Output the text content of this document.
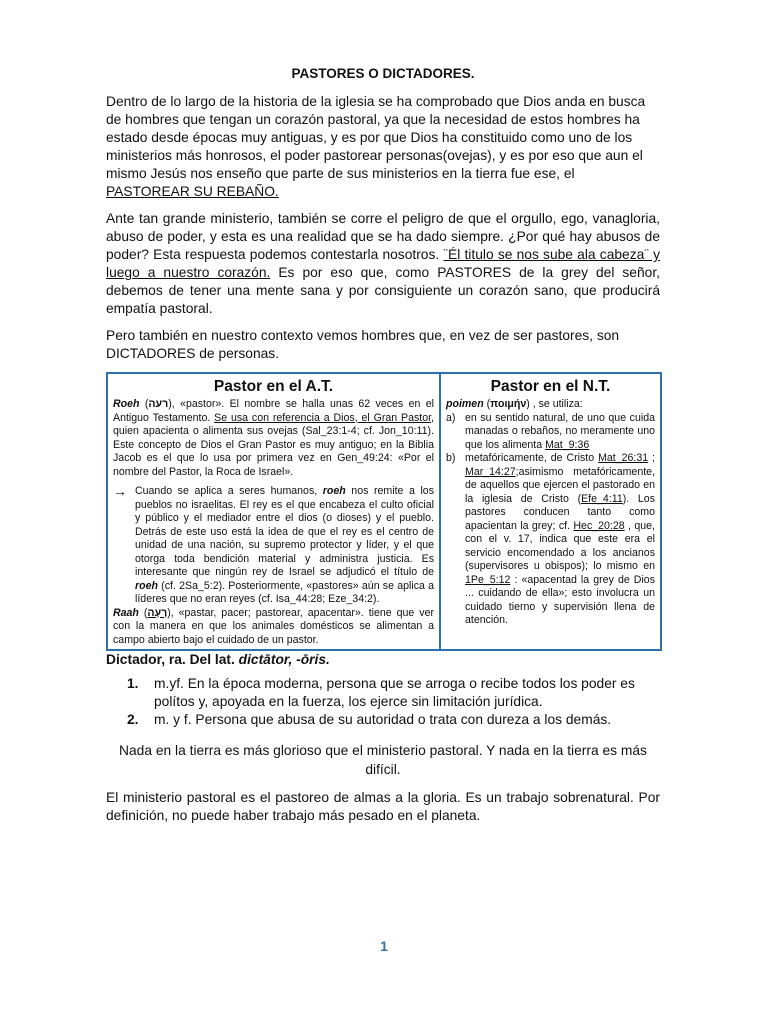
PASTORES O DICTADORES.

Dentro de lo largo de la historia de la iglesia se ha comprobado que Dios anda en busca de hombres que tengan un corazón pastoral, ya que la necesidad de estos hombres ha estado desde épocas muy antiguas, y es por que Dios ha constituido como uno de los ministerios más honrosos, el poder pastorear personas(ovejas), y es por eso que aun el mismo Jesús nos enseño que parte de sus ministerios en la tierra fue ese, el PASTOREAR SU REBAÑO.

Ante tan grande ministerio, también se corre el peligro de que el orgullo, ego, vanagloria, abuso de poder, y esta es una realidad que se ha dado siempre. ¿Por qué hay abusos de poder? Esta respuesta podemos contestarla nosotros. ¨Él titulo se nos sube ala cabeza¨ y luego a nuestro corazón. Es por eso que, como PASTORES de la grey del señor, debemos de tener una mente sana y por consiguiente un corazón sano, que producirá empatía pastoral.

Pero también en nuestro contexto vemos hombres que, en vez de ser pastores, son DICTADORES de personas.

Pastor en el A.T.
Roeh (רעה), «pastor». El nombre se halla unas 62 veces en el Antiguo Testamento. Se usa con referencia a Dios, el Gran Pastor, quien apacienta o alimenta sus ovejas (Sal_23:1-4; cf. Jon_10:11). Este concepto de Dios el Gran Pastor es muy antiguo; en la Biblia Jacob es el que lo usa por primera vez en Gen_49:24: «Por el nombre del Pastor, la Roca de Israel».
→ Cuando se aplica a seres humanos, roeh nos remite a los pueblos no israelitas. El rey es el que encabeza el culto oficial y público y el mediador entre el dios (o dioses) y el pueblo. Detrás de este uso está la idea de que el rey es el centro de unidad de una nación, su supremo protector y líder, y el que otorga toda bendición material y administra justicia. Es interesante que ningún rey de Israel se adjudicó el título de roeh (cf. 2Sa_5:2). Posteriormente, «pastores» aún se aplica a líderes que no eran reyes (cf. Isa_44:28; Eze_34:2).
Raah (רָעָה), «pastar, pacer; pastorear, apacentar». tiene que ver con la manera en que los animales domésticos se alimentan a campo abierto bajo el cuidado de un pastor.

Pastor en el N.T.
poimen (ποιμήν) , se utiliza:
a) en su sentido natural, de uno que cuida manadas o rebaños, no meramente uno que los alimenta Mat_9:36
b) metafóricamente, de Cristo Mat_26:31 ; Mar_14:27;asimismo metafóricamente, de aquellos que ejercen el pastorado en la iglesia de Cristo (Efe_4:11). Los pastores conducen tanto como apacientan la grey; cf. Hec_20:28 , que, con el v. 17, indica que este era el servicio encomendado a los ancianos (supervisores u obispos); lo mismo en 1Pe_5:12 : «apacentad la grey de Dios ... cuidando de ella»; esto involucra un cuidado tierno y supervisión llena de atención.
Dictador, ra. Del lat. dictātor, -ōris.
1.	m.yf. En la época moderna, persona que se arroga o recibe todos los poder es polítos y, apoyada en la fuerza, los ejerce sin limitación jurídica.
2.	m. y f. Persona que abusa de su autoridad o trata con dureza a los demás.
Nada en la tierra es más glorioso que el ministerio pastoral. Y nada en la tierra es más difícil.

El ministerio pastoral es el pastoreo de almas a la gloria. Es un trabajo sobrenatural. Por definición, no puede haber trabajo más pesado en el planeta.

1
